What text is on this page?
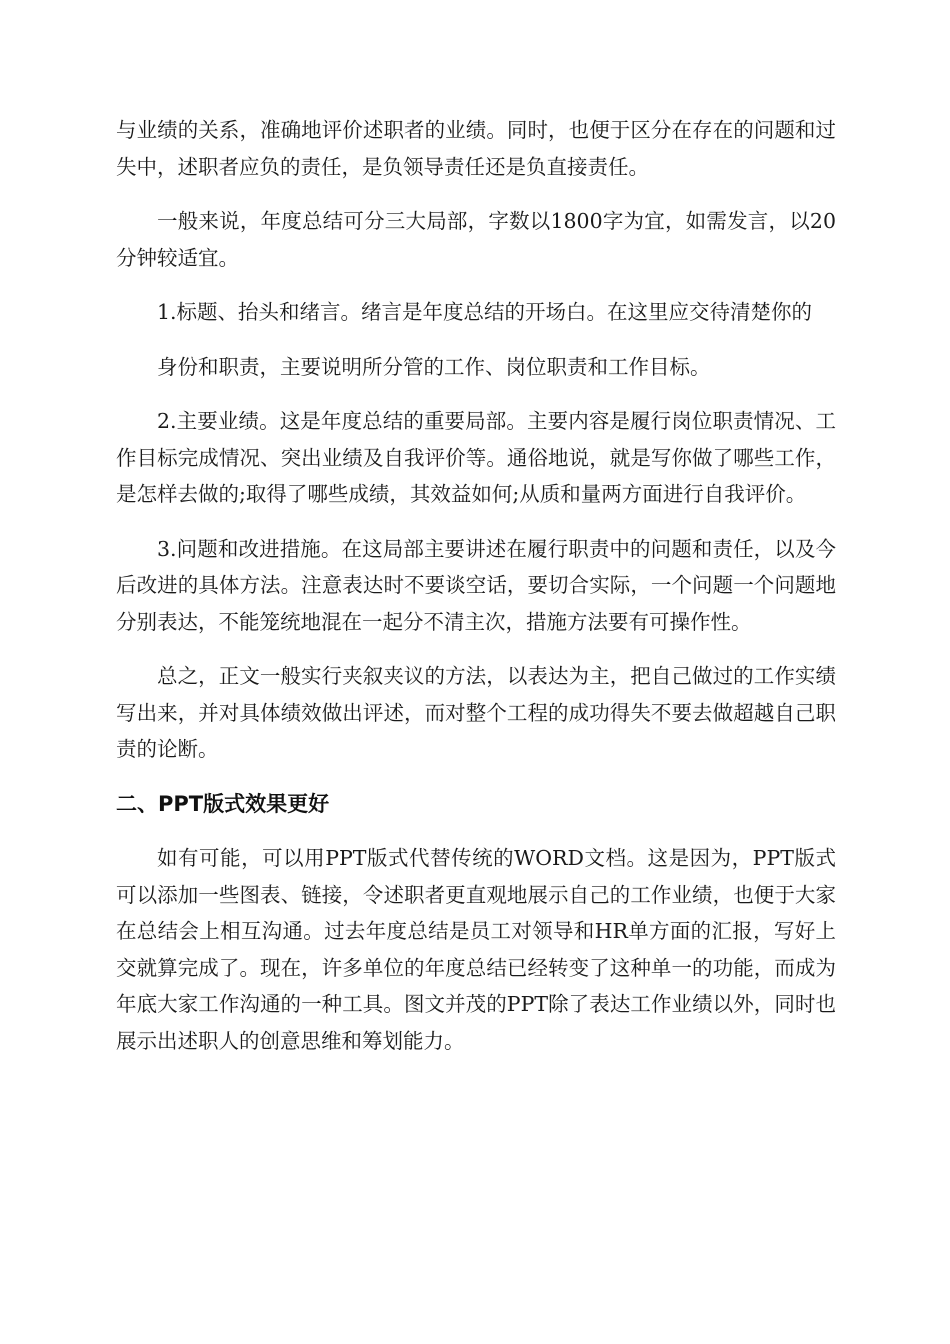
与业绩的关系，准确地评价述职者的业绩。同时，也便于区分在存在的问题和过失中，述职者应负的责任，是负领导责任还是负直接责任。

一般来说，年度总结可分三大局部，字数以1800字为宜，如需发言，以20分钟较适宜。

1.标题、抬头和绪言。绪言是年度总结的开场白。在这里应交待清楚你的

身份和职责，主要说明所分管的工作、岗位职责和工作目标。

2.主要业绩。这是年度总结的重要局部。主要内容是履行岗位职责情况、工作目标完成情况、突出业绩及自我评价等。通俗地说，就是写你做了哪些工作，是怎样去做的;取得了哪些成绩，其效益如何;从质和量两方面进行自我评价。

3.问题和改进措施。在这局部主要讲述在履行职责中的问题和责任，以及今后改进的具体方法。注意表达时不要谈空话，要切合实际，一个问题一个问题地分别表达，不能笼统地混在一起分不清主次，措施方法要有可操作性。

总之，正文一般实行夹叙夹议的方法，以表达为主，把自己做过的工作实绩写出来，并对具体绩效做出评述，而对整个工程的成功得失不要去做超越自己职责的论断。

二、PPT版式效果更好

如有可能，可以用PPT版式代替传统的WORD文档。这是因为，PPT版式可以添加一些图表、链接，令述职者更直观地展示自己的工作业绩，也便于大家在总结会上相互沟通。过去年度总结是员工对领导和HR单方面的汇报，写好上交就算完成了。现在，许多单位的年度总结已经转变了这种单一的功能，而成为年底大家工作沟通的一种工具。图文并茂的PPT除了表达工作业绩以外，同时也展示出述职人的创意思维和筹划能力。
